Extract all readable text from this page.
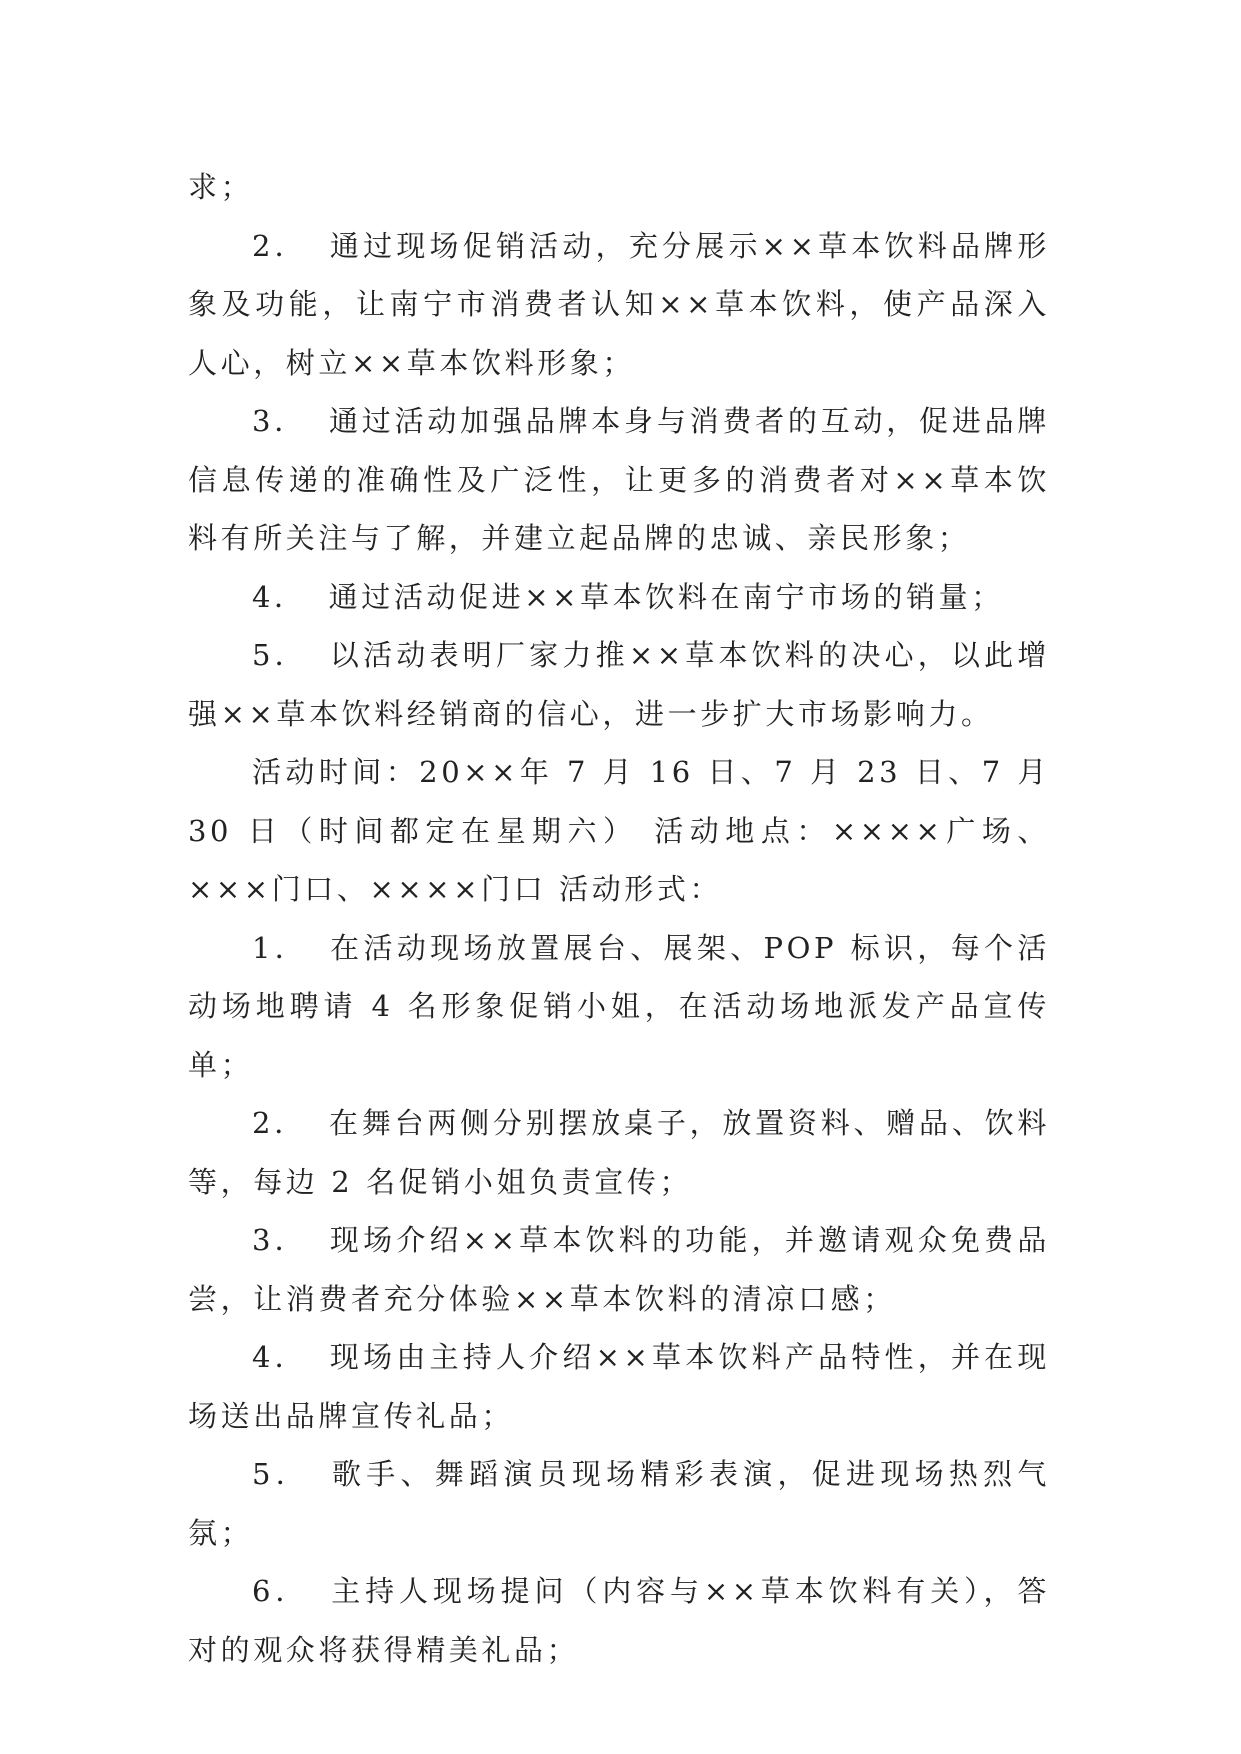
求；

2． 通过现场促销活动，充分展示××草本饮料品牌形象及功能，让南宁市消费者认知××草本饮料，使产品深入人心，树立××草本饮料形象；

3． 通过活动加强品牌本身与消费者的互动，促进品牌信息传递的准确性及广泛性，让更多的消费者对××草本饮料有所关注与了解，并建立起品牌的忠诚、亲民形象；

4． 通过活动促进××草本饮料在南宁市场的销量；

5． 以活动表明厂家力推××草本饮料的决心，以此增强××草本饮料经销商的信心，进一步扩大市场影响力。

活动时间：20××年 7 月 16 日、7 月 23 日、7 月 30 日（时间都定在星期六） 活动地点：××××广场、×××门口、××××门口 活动形式：

1． 在活动现场放置展台、展架、POP 标识，每个活动场地聘请 4 名形象促销小姐，在活动场地派发产品宣传单；

2． 在舞台两侧分别摆放桌子，放置资料、赠品、饮料等，每边 2 名促销小姐负责宣传；

3． 现场介绍××草本饮料的功能，并邀请观众免费品尝，让消费者充分体验××草本饮料的清凉口感；

4． 现场由主持人介绍××草本饮料产品特性，并在现场送出品牌宣传礼品；

5． 歌手、舞蹈演员现场精彩表演，促进现场热烈气氛；

6． 主持人现场提问（内容与××草本饮料有关），答对的观众将获得精美礼品；
